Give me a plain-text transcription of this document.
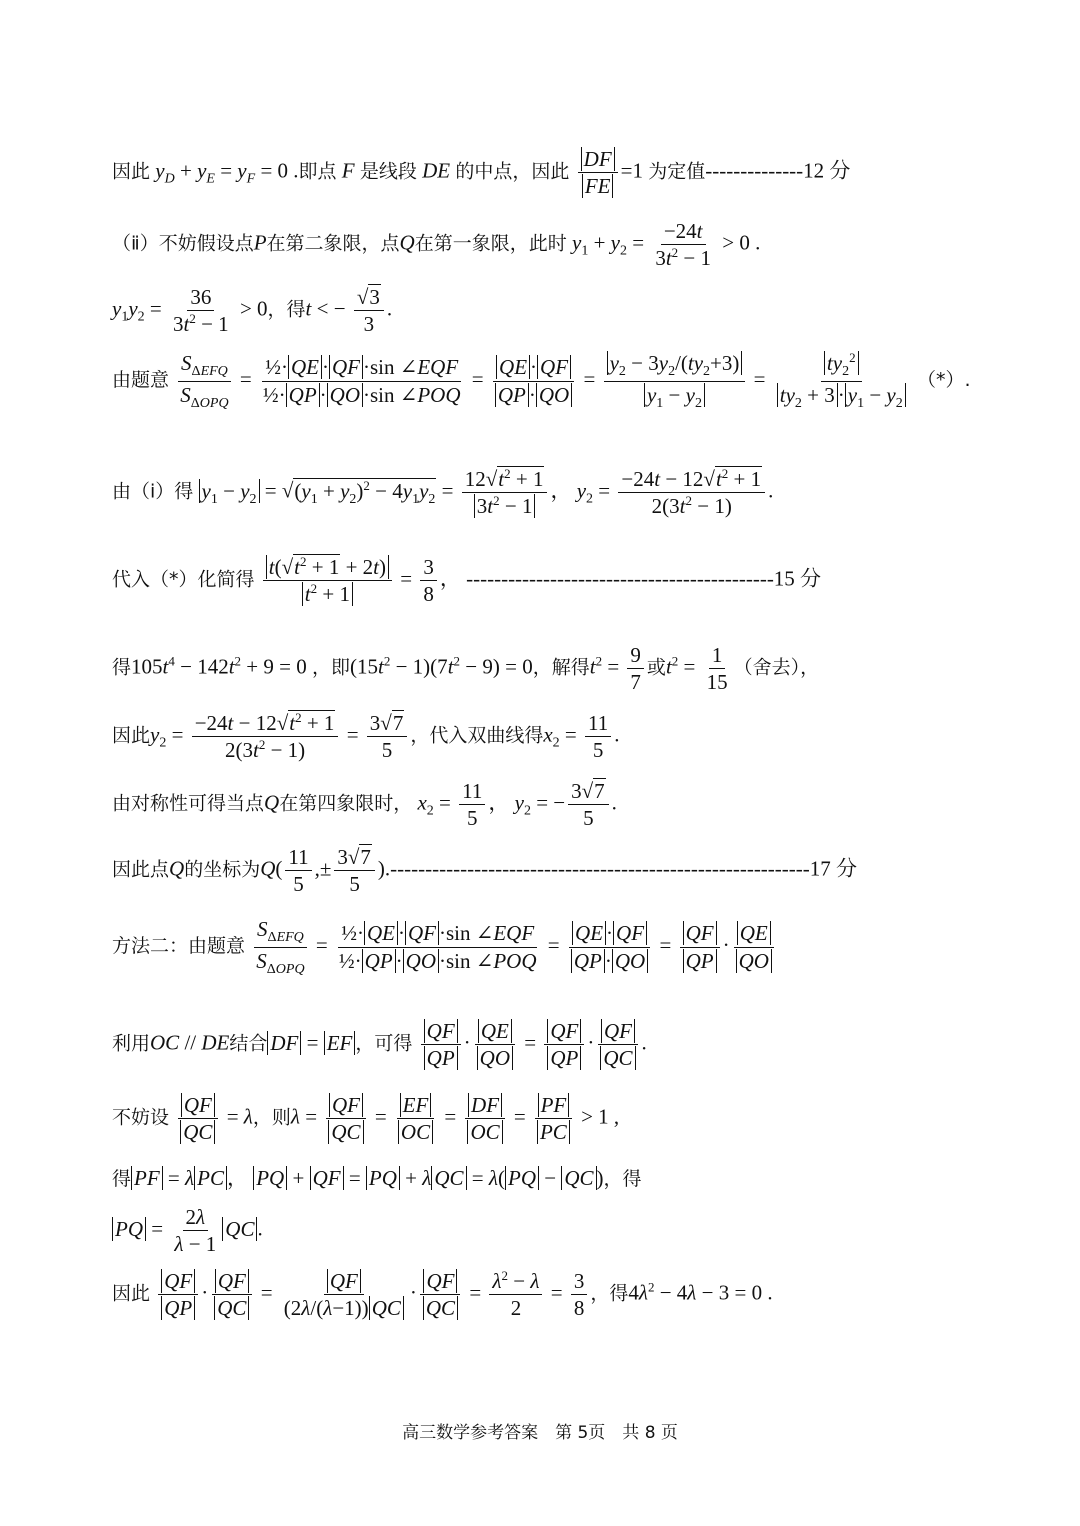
因此 $y_D + y_E = y_F = 0$ .即点 F 是线段 DE 的中点，因此 $\frac{DF}{FE} =1$ 为定值--------------12 分
（ⅱ）不妨假设点P在第二象限，点Q在第一象限，此时 $y_1 + y_2 = \frac{-24t}{3t^2 - 1} > 0$ .
$y_1y_2 = \frac{36}{3t^2 - 1} > 0$，得t < − $\frac{√3}{3}$ .
由题意 $\frac{S_{\Delta EFQ}}{S_{\Delta OPQ}} = \frac{\text{½· QE · QF ·sin ∠EQF}}{\text{½· QP · QO ·sin ∠POQ}} = \frac{QE \cdot QF}{QP \cdot QO} = \frac{y_2 - 3y_2/(ty_2+3)}{y_1 - y_2} = \frac{ty_2^2}{ty_2 + 3 \cdot y_1 - y_2}$ （*）.
由（ⅰ）得 $y_1 - y_2 = √(y_1 + y_2)^2 - 4y_1y_2 = \frac{12√t^2 + 1}{3t^2 - 1}$ ， $y_2 = \frac{-24t - 12√t^2 + 1}{2(3t^2 - 1)}$ .
代入（*）化简得 $\frac{t(√t^2 + 1 + 2t)}{t^2 + 1} = \frac{3}{8}$ ， --------------------------------------------15 分
得$105t^4 - 142t^2 + 9 = 0$ ，即$(15t^2 - 1)(7t^2 - 9) = 0$，解得$t^2 = \frac{9}{7}$ 或$t^2 = \frac{1}{15}$ （舍去），
因此$y_2 = \frac{-24t - 12√t^2 + 1}{2(3t^2 - 1)} = \frac{3√7}{5}$ ，代入双曲线得$x_2 = \frac{11}{5}$ .
由对称性可得当点Q在第四象限时， $x_2 = \frac{11}{5}$ ， $y_2$ = − $\frac{3√7}{5}$ .
因此点Q的坐标为$Q( \frac{11}{5}$ ,± $\frac{3√7}{5} ).------------------------------------------------------------17$ 分
方法二：由题意 $\frac{S_{\Delta EFQ}}{S_{\Delta OPQ}} = \frac{\text{½· QE · QF ·sin ∠EQF}}{\text{½· QP · QO ·sin ∠POQ}} = \frac{QE \cdot QF}{QP \cdot QO} = \frac{QF}{QP} \cdot \frac{QE}{QO}$
利用OC // DE结合 DF = EF ，可得 $\frac{QF}{QP} \cdot \frac{QE}{QO} = \frac{QF}{QP} \cdot \frac{QF}{QC}$ .
不妨设 $\frac{QF}{QC} = \lambda$，则$\lambda = \frac{QF}{QC} = \frac{EF}{OC} = \frac{DF}{OC} = \frac{PF}{PC} > 1$ ,
得 PF = λ PC ， PQ + QF = PQ + λ QC = λ( PQ − QC )，得
PQ = $\frac{2\lambda}{\lambda - 1}$ QC .
因此 $\frac{QF}{QP} \cdot \frac{QF}{QC} = \frac{QF}{(2\lambda/(\lambda-1)) QC} \cdot \frac{QF}{QC} = \frac{\lambda^2 - \lambda}{2} = \frac{3}{8}$ ，得$4\lambda^2 - 4\lambda - 3 = 0$ .
高三数学参考答案　第 5页　共 8 页
